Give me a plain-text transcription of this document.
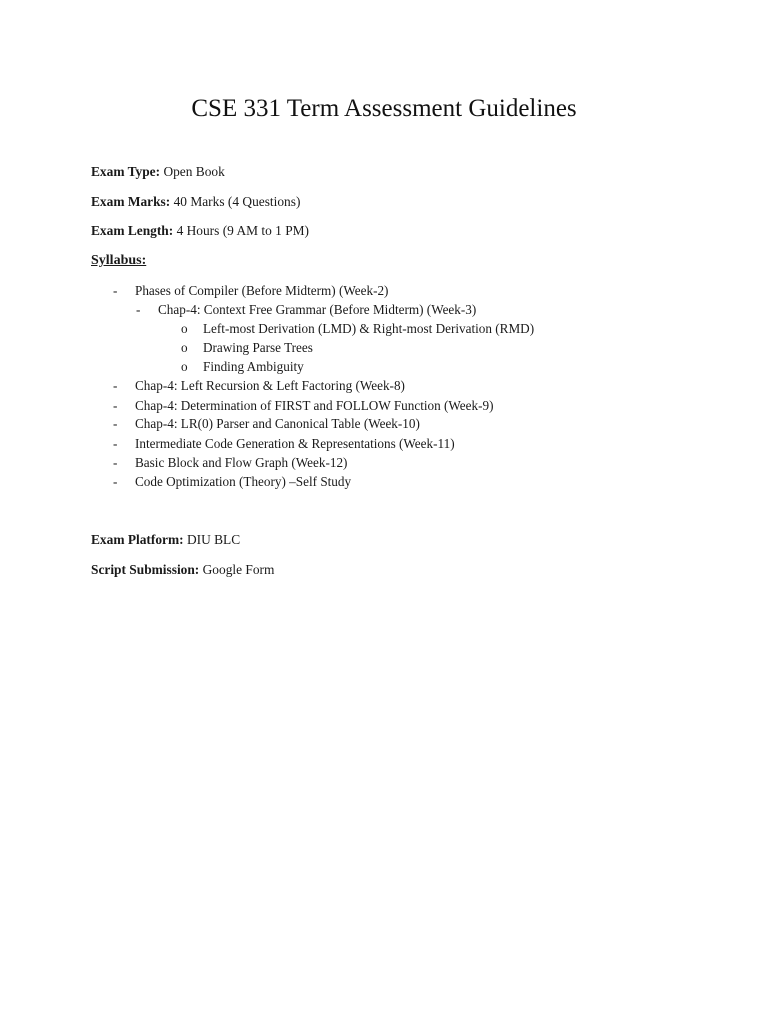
CSE 331 Term Assessment Guidelines
Exam Type: Open Book
Exam Marks: 40 Marks (4 Questions)
Exam Length: 4 Hours (9 AM to 1 PM)
Syllabus:
- Phases of Compiler (Before Midterm) (Week-2)
- Chap-4: Context Free Grammar (Before Midterm) (Week-3)
o Left-most Derivation (LMD) & Right-most Derivation (RMD)
o Drawing Parse Trees
o Finding Ambiguity
- Chap-4: Left Recursion & Left Factoring (Week-8)
- Chap-4: Determination of FIRST and FOLLOW Function (Week-9)
- Chap-4: LR(0) Parser and Canonical Table (Week-10)
- Intermediate Code Generation & Representations (Week-11)
- Basic Block and Flow Graph (Week-12)
- Code Optimization (Theory) –Self Study
Exam Platform: DIU BLC
Script Submission: Google Form
